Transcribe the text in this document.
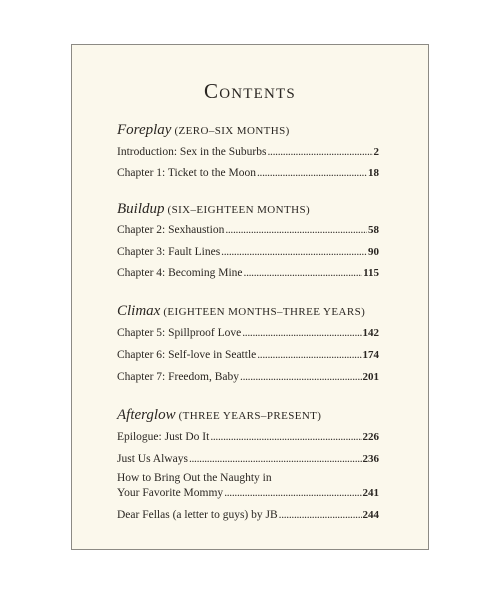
Contents
Foreplay (ZERO–SIX MONTHS)
Introduction: Sex in the Suburbs . . .	2
Chapter 1: Ticket to the Moon . . .	18
Buildup (SIX–EIGHTEEN MONTHS)
Chapter 2: Sexhaustion . . .	58
Chapter 3: Fault Lines . . .	90
Chapter 4: Becoming Mine . . .	115
Climax (EIGHTEEN MONTHS–THREE YEARS)
Chapter 5: Spillproof Love . . .	142
Chapter 6: Self-love in Seattle . . .	174
Chapter 7: Freedom, Baby . . .	201
Afterglow (THREE YEARS–PRESENT)
Epilogue: Just Do It . . .	226
Just Us Always . . .	236
How to Bring Out the Naughty in
Your Favorite Mommy . . .	241
Dear Fellas (a letter to guys) by JB . . .	244
